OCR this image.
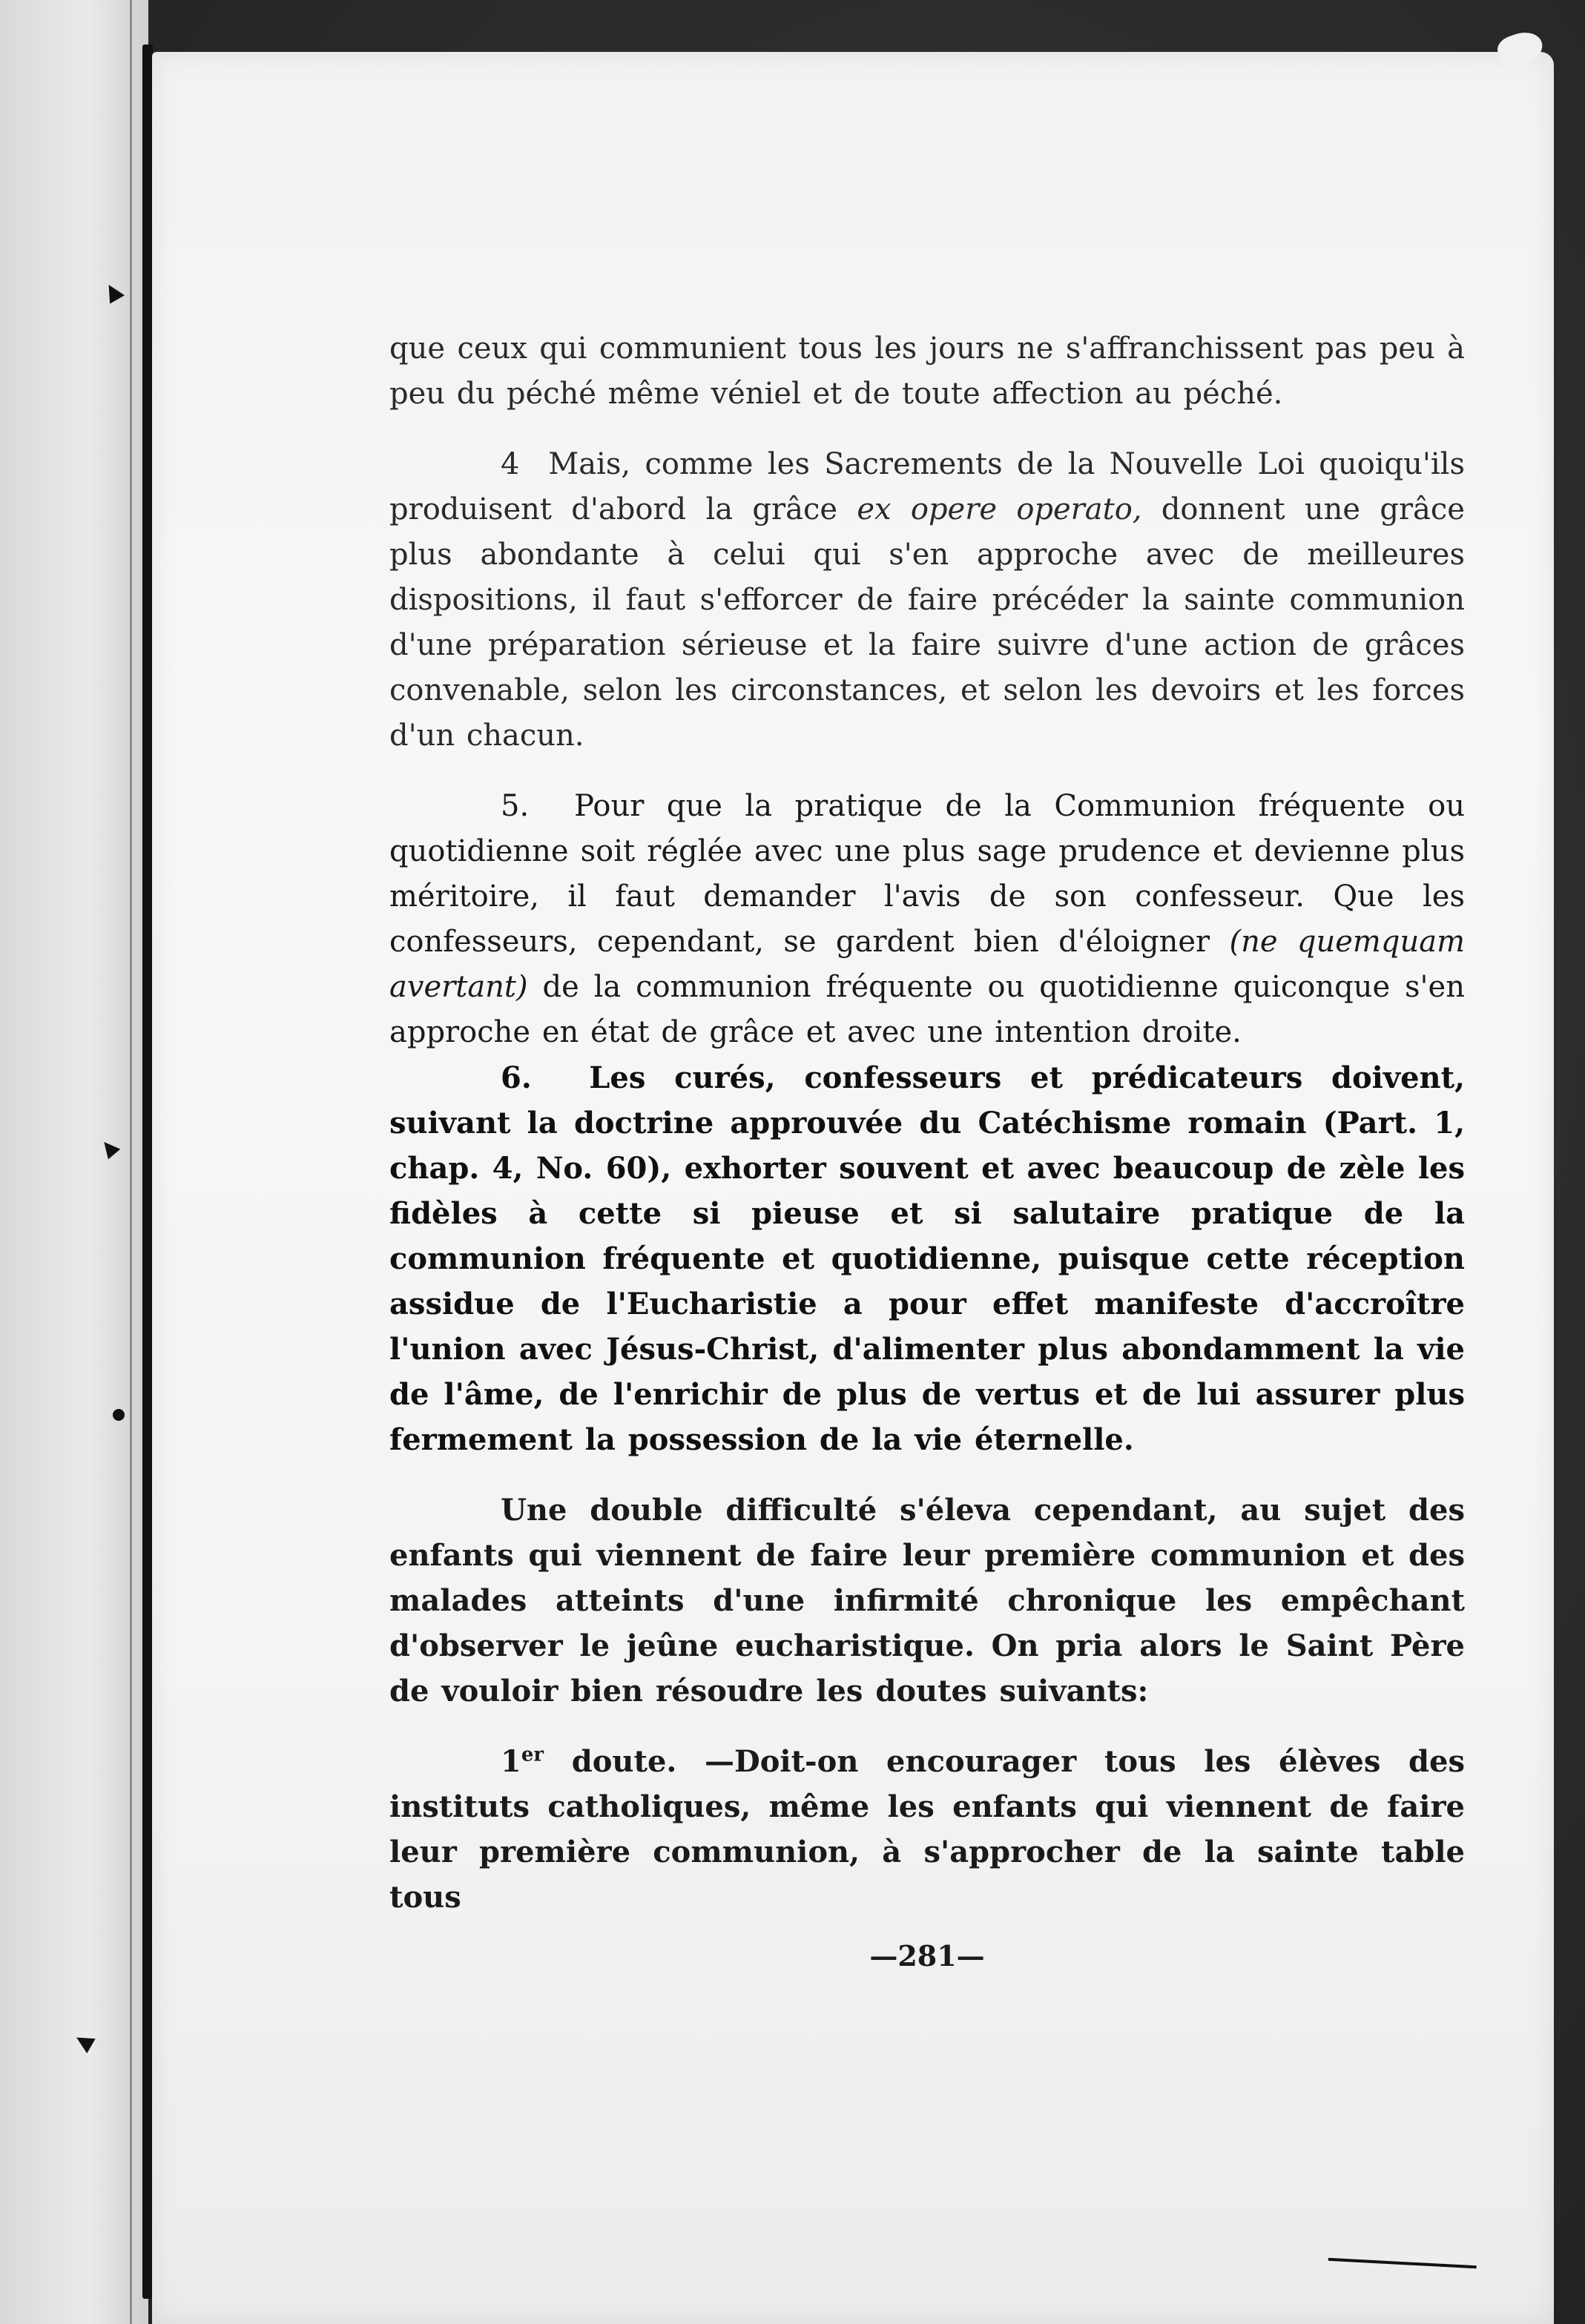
▲
▲
▲

que ceux qui communient tous les jours ne s'affranchissent pas peu à peu du péché même véniel et de toute affection au péché.

4 Mais, comme les Sacrements de la Nouvelle Loi quoiqu'ils produisent d'abord la grâce ex opere operato, donnent une grâce plus abondante à celui qui s'en approche avec de meilleures dispositions, il faut s'efforcer de faire précéder la sainte communion d'une préparation sérieuse et la faire suivre d'une action de grâces convenable, selon les circonstances, et selon les devoirs et les forces d'un chacun.

5. Pour que la pratique de la Communion fréquente ou quotidienne soit réglée avec une plus sage prudence et devienne plus méritoire, il faut demander l'avis de son confesseur. Que les confesseurs, cependant, se gardent bien d'éloigner (ne quemquam avertant) de la communion fréquente ou quotidienne quiconque s'en approche en état de grâce et avec une intention droite.

6. Les curés, confesseurs et prédicateurs doivent, suivant la doctrine approuvée du Catéchisme romain (Part. 1, chap. 4, No. 60), exhorter souvent et avec beaucoup de zèle les fidèles à cette si pieuse et si salutaire pratique de la communion fréquente et quotidienne, puisque cette réception assidue de l'Eucharistie a pour effet manifeste d'accroître l'union avec Jésus-Christ, d'alimenter plus abondamment la vie de l'âme, de l'enrichir de plus de vertus et de lui assurer plus fermement la possession de la vie éternelle.

Une double difficulté s'éleva cependant, au sujet des enfants qui viennent de faire leur première communion et des malades atteints d'une infirmité chronique les empêchant d'observer le jeûne eucharistique. On pria alors le Saint Père de vouloir bien résoudre les doutes suivants:

1er doute. —Doit-on encourager tous les élèves des instituts catholiques, même les enfants qui viennent de faire leur première communion, à s'approcher de la sainte table tous

—281—
